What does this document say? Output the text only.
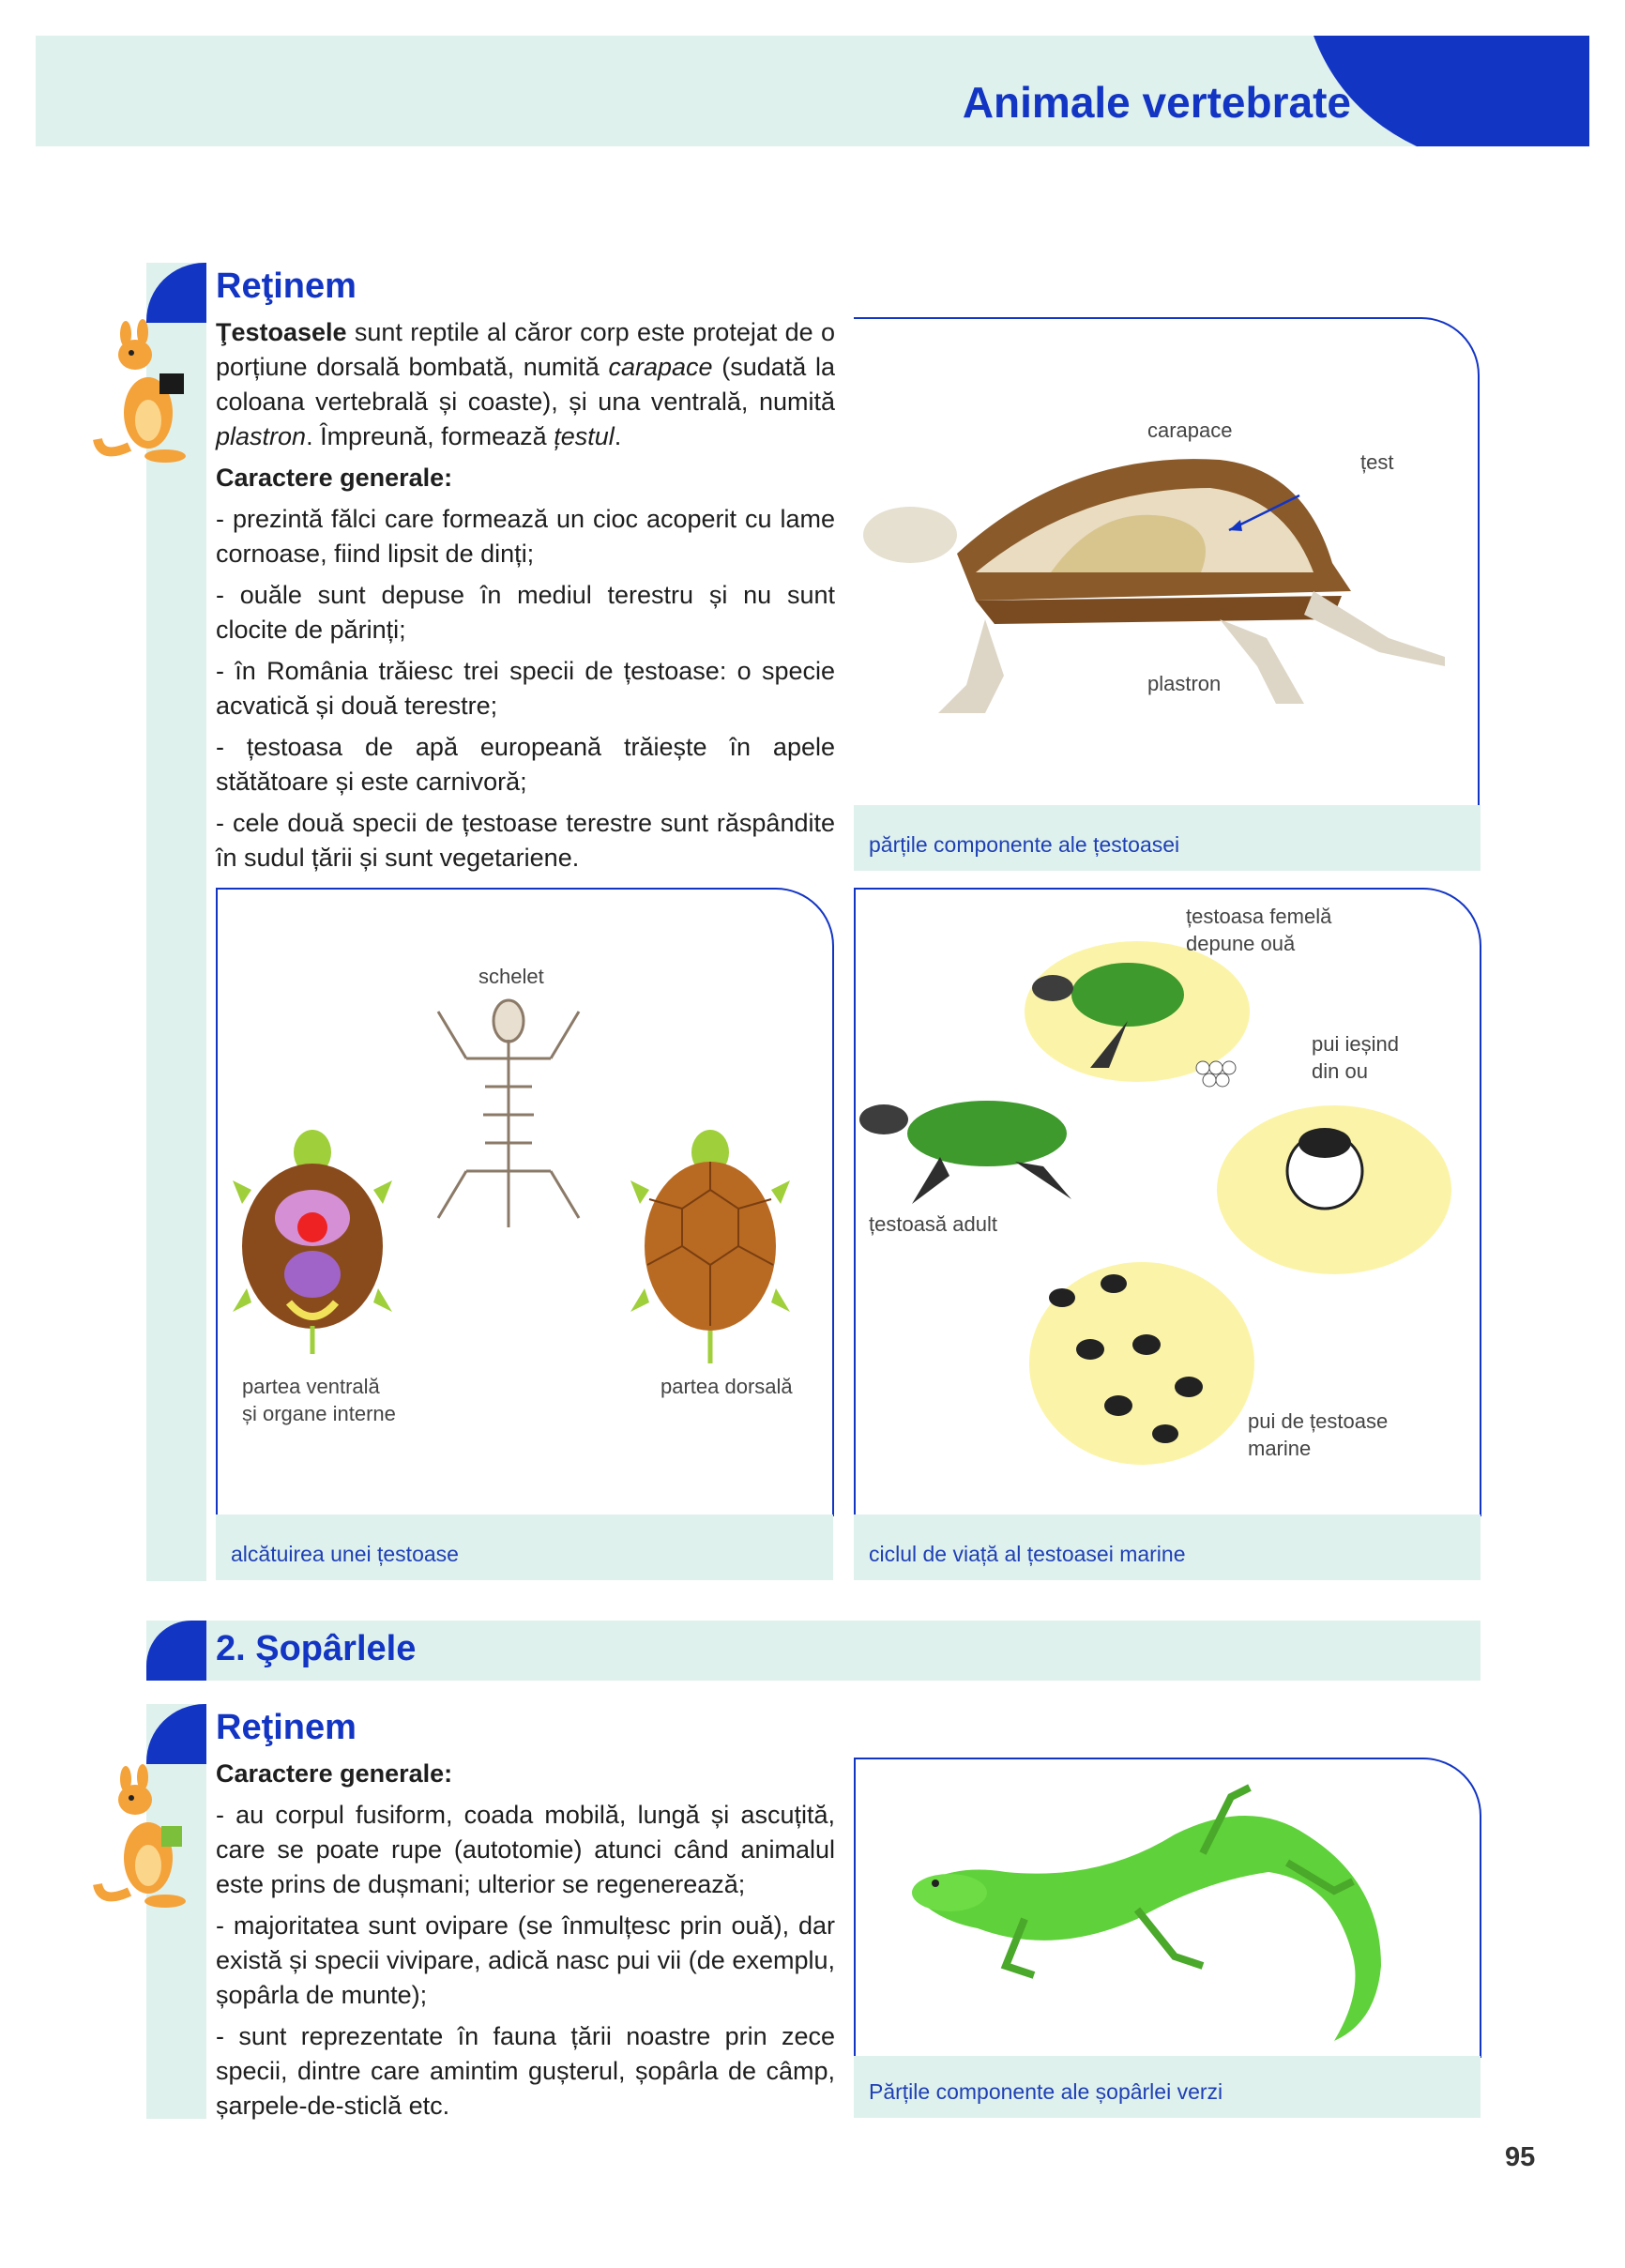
Animale vertebrate
Reţinem

Ţestoasele sunt reptile al căror corp este protejat de o porțiune dorsală bombată, numită carapace (sudată la coloana vertebrală și coaste), și una ventrală, numită plastron. Împreună, formează țestul.

Caractere generale:

- prezintă fălci care formează un cioc acoperit cu lame cornoase, fiind lipsit de dinți;

- ouăle sunt depuse în mediul terestru și nu sunt clocite de părinți;

- în România trăiesc trei specii de țestoase: o specie acvatică și două terestre;

- țestoasa de apă europeană trăiește în apele stătătoare și este carnivoră;

- cele două specii de țestoase terestre sunt răspândite în sudul țării și sunt vegetariene.

carapace
țest
plastron
părțile componente ale țestoasei
schelet
partea ventrală
și organe interne
partea dorsală
alcătuirea unei țestoase
țestoasa femelă
depune ouă
pui ieșind
din ou
țestoasă adult
pui de țestoase
marine
ciclul de viață al țestoasei marine
2. Şopârlele
Reţinem

Caractere generale:

- au corpul fusiform, coada mobilă, lungă și ascuțită, care se poate rupe (autotomie) atunci când animalul este prins de dușmani; ulterior se regenerează;

- majoritatea sunt ovipare (se înmulțesc prin ouă), dar există și specii vivipare, adică nasc pui vii (de exemplu, șopârla de munte);

- sunt reprezentate în fauna țării noastre prin zece specii, dintre care amintim gușterul, șopârla de câmp, șarpele-de-sticlă etc.	Părțile componente ale șopârlei verzi
95
